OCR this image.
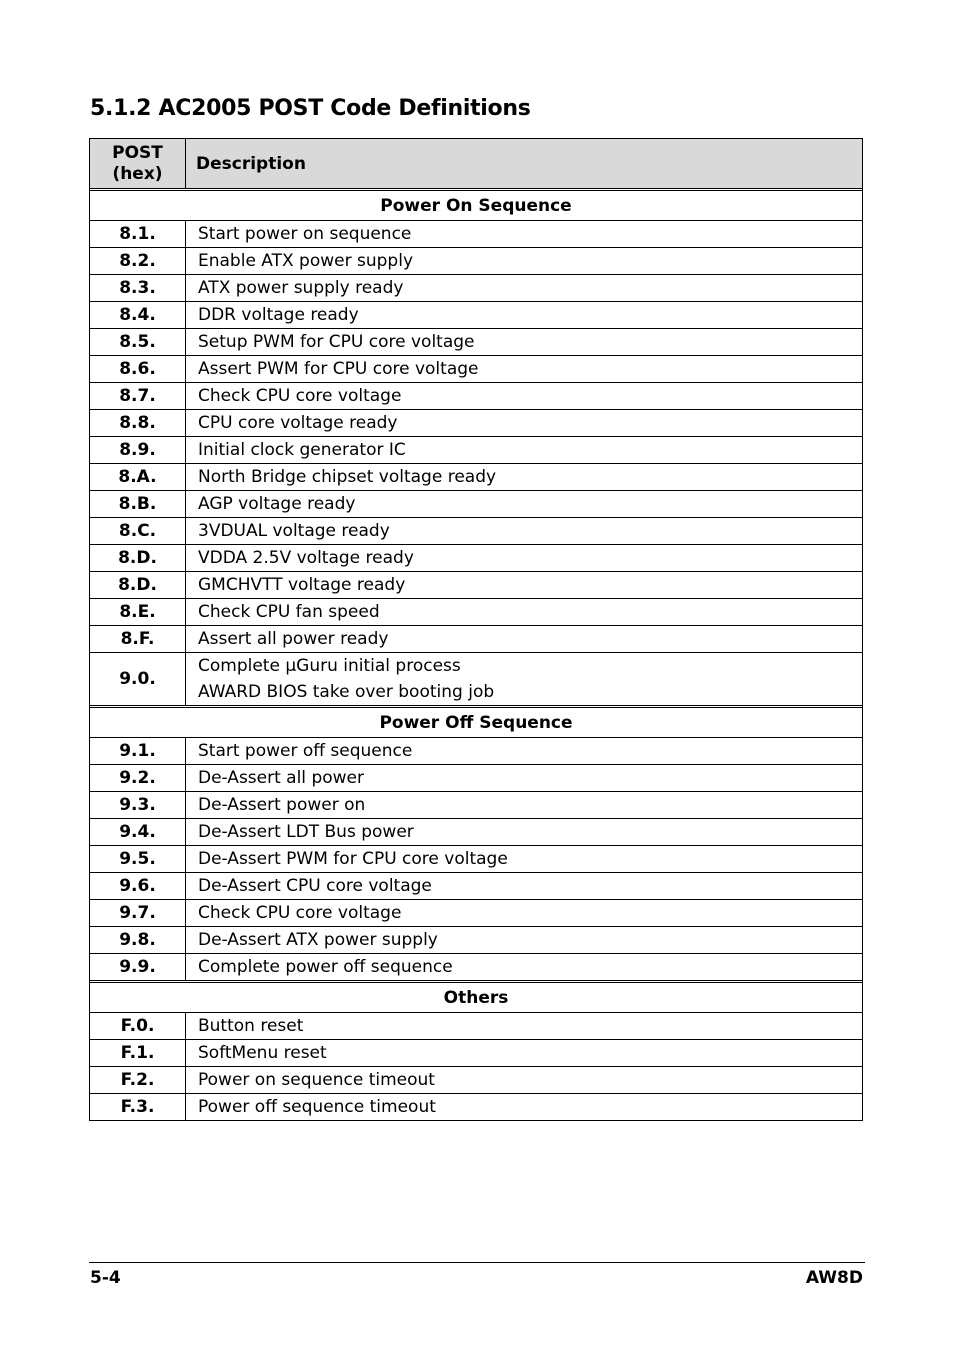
5.1.2 AC2005 POST Code Definitions
POST
(hex)	Description

Power On Sequence	
8.1.	Start power on sequence

8.2.	Enable ATX power supply

8.3.	ATX power supply ready

8.4.	DDR voltage ready

8.5.	Setup PWM for CPU core voltage

8.6.	Assert PWM for CPU core voltage

8.7.	Check CPU core voltage

8.8.	CPU core voltage ready

8.9.	Initial clock generator IC

8.A.	North Bridge chipset voltage ready

8.B.	AGP voltage ready

8.C.	3VDUAL voltage ready

8.D.	VDDA 2.5V voltage ready

8.D.	GMCHVTT voltage ready

8.E.	Check CPU fan speed

8.F.	Assert all power ready

9.0.	Complete µGuru initial process
AWARD BIOS take over booting job

Power Off Sequence	
9.1.	Start power off sequence

9.2.	De-Assert all power

9.3.	De-Assert power on

9.4.	De-Assert LDT Bus power

9.5.	De-Assert PWM for CPU core voltage

9.6.	De-Assert CPU core voltage

9.7.	Check CPU core voltage

9.8.	De-Assert ATX power supply

9.9.	Complete power off sequence

Others	
F.0.	Button reset

F.1.	SoftMenu reset

F.2.	Power on sequence timeout

F.3.	Power off sequence timeout
5-4	AW8D
